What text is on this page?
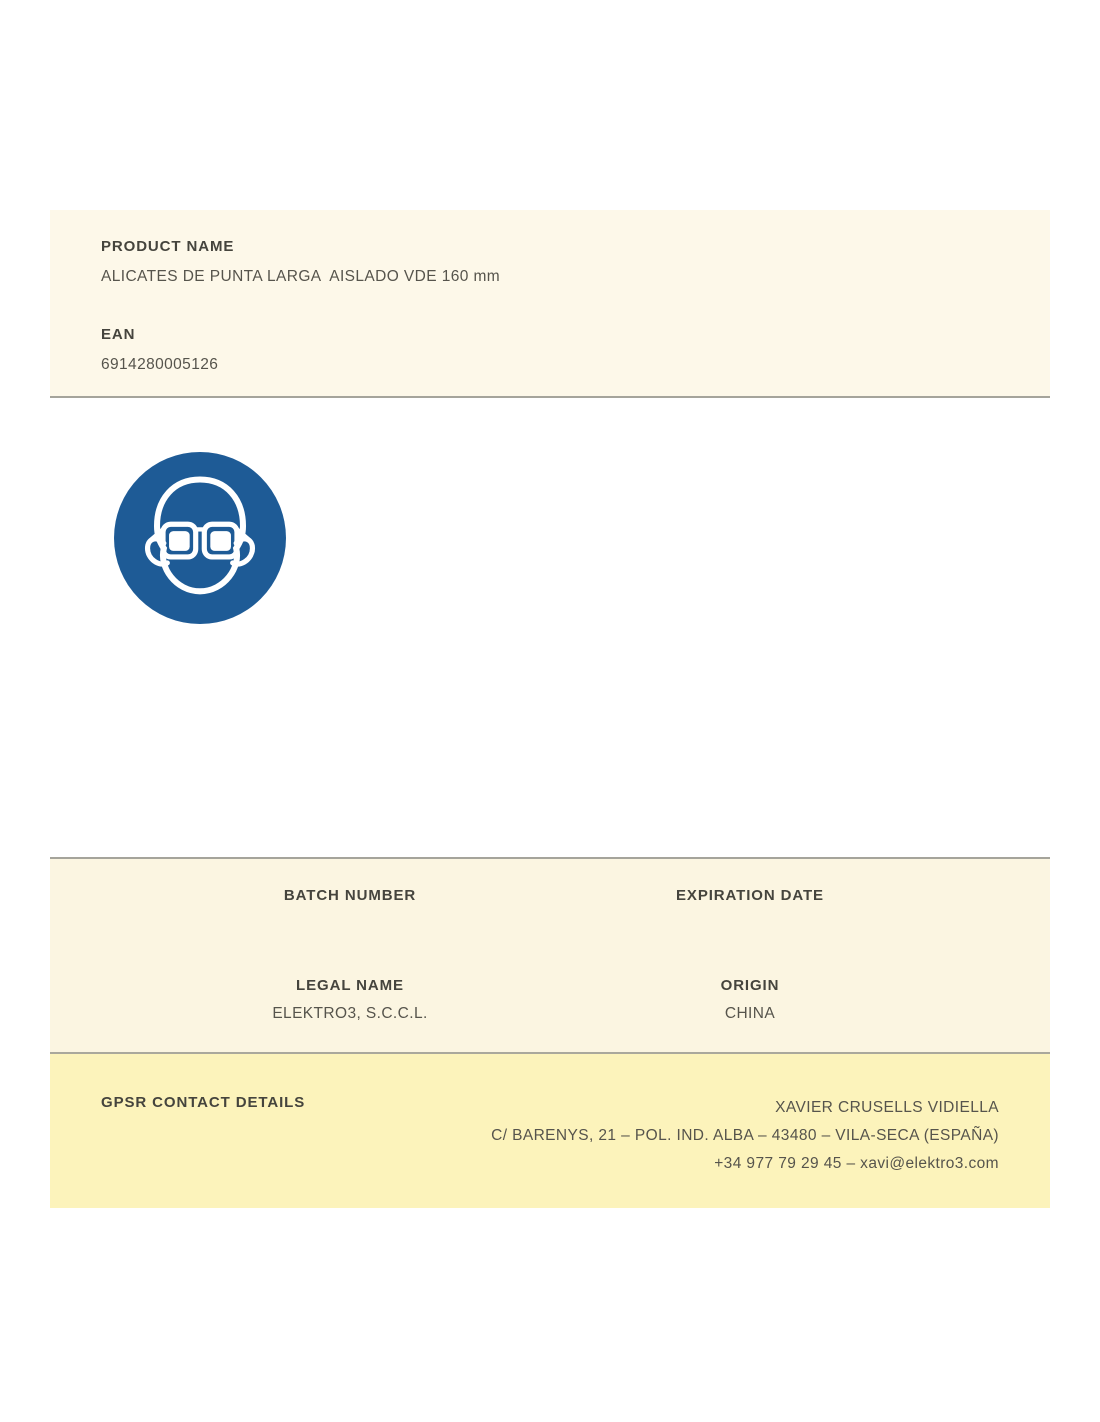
PRODUCT NAME
ALICATES DE PUNTA LARGA  AISLADO VDE 160 mm
EAN
6914280005126
BATCH NUMBER
LEGAL NAME
ELEKTRO3, S.C.C.L.
EXPIRATION DATE
ORIGIN
CHINA
GPSR CONTACT DETAILS	XAVIER CRUSELLS VIDIELLA
C/ BARENYS, 21 – POL. IND. ALBA – 43480 – VILA-SECA (ESPAÑA)
+34 977 79 29 45 – xavi@elektro3.com
